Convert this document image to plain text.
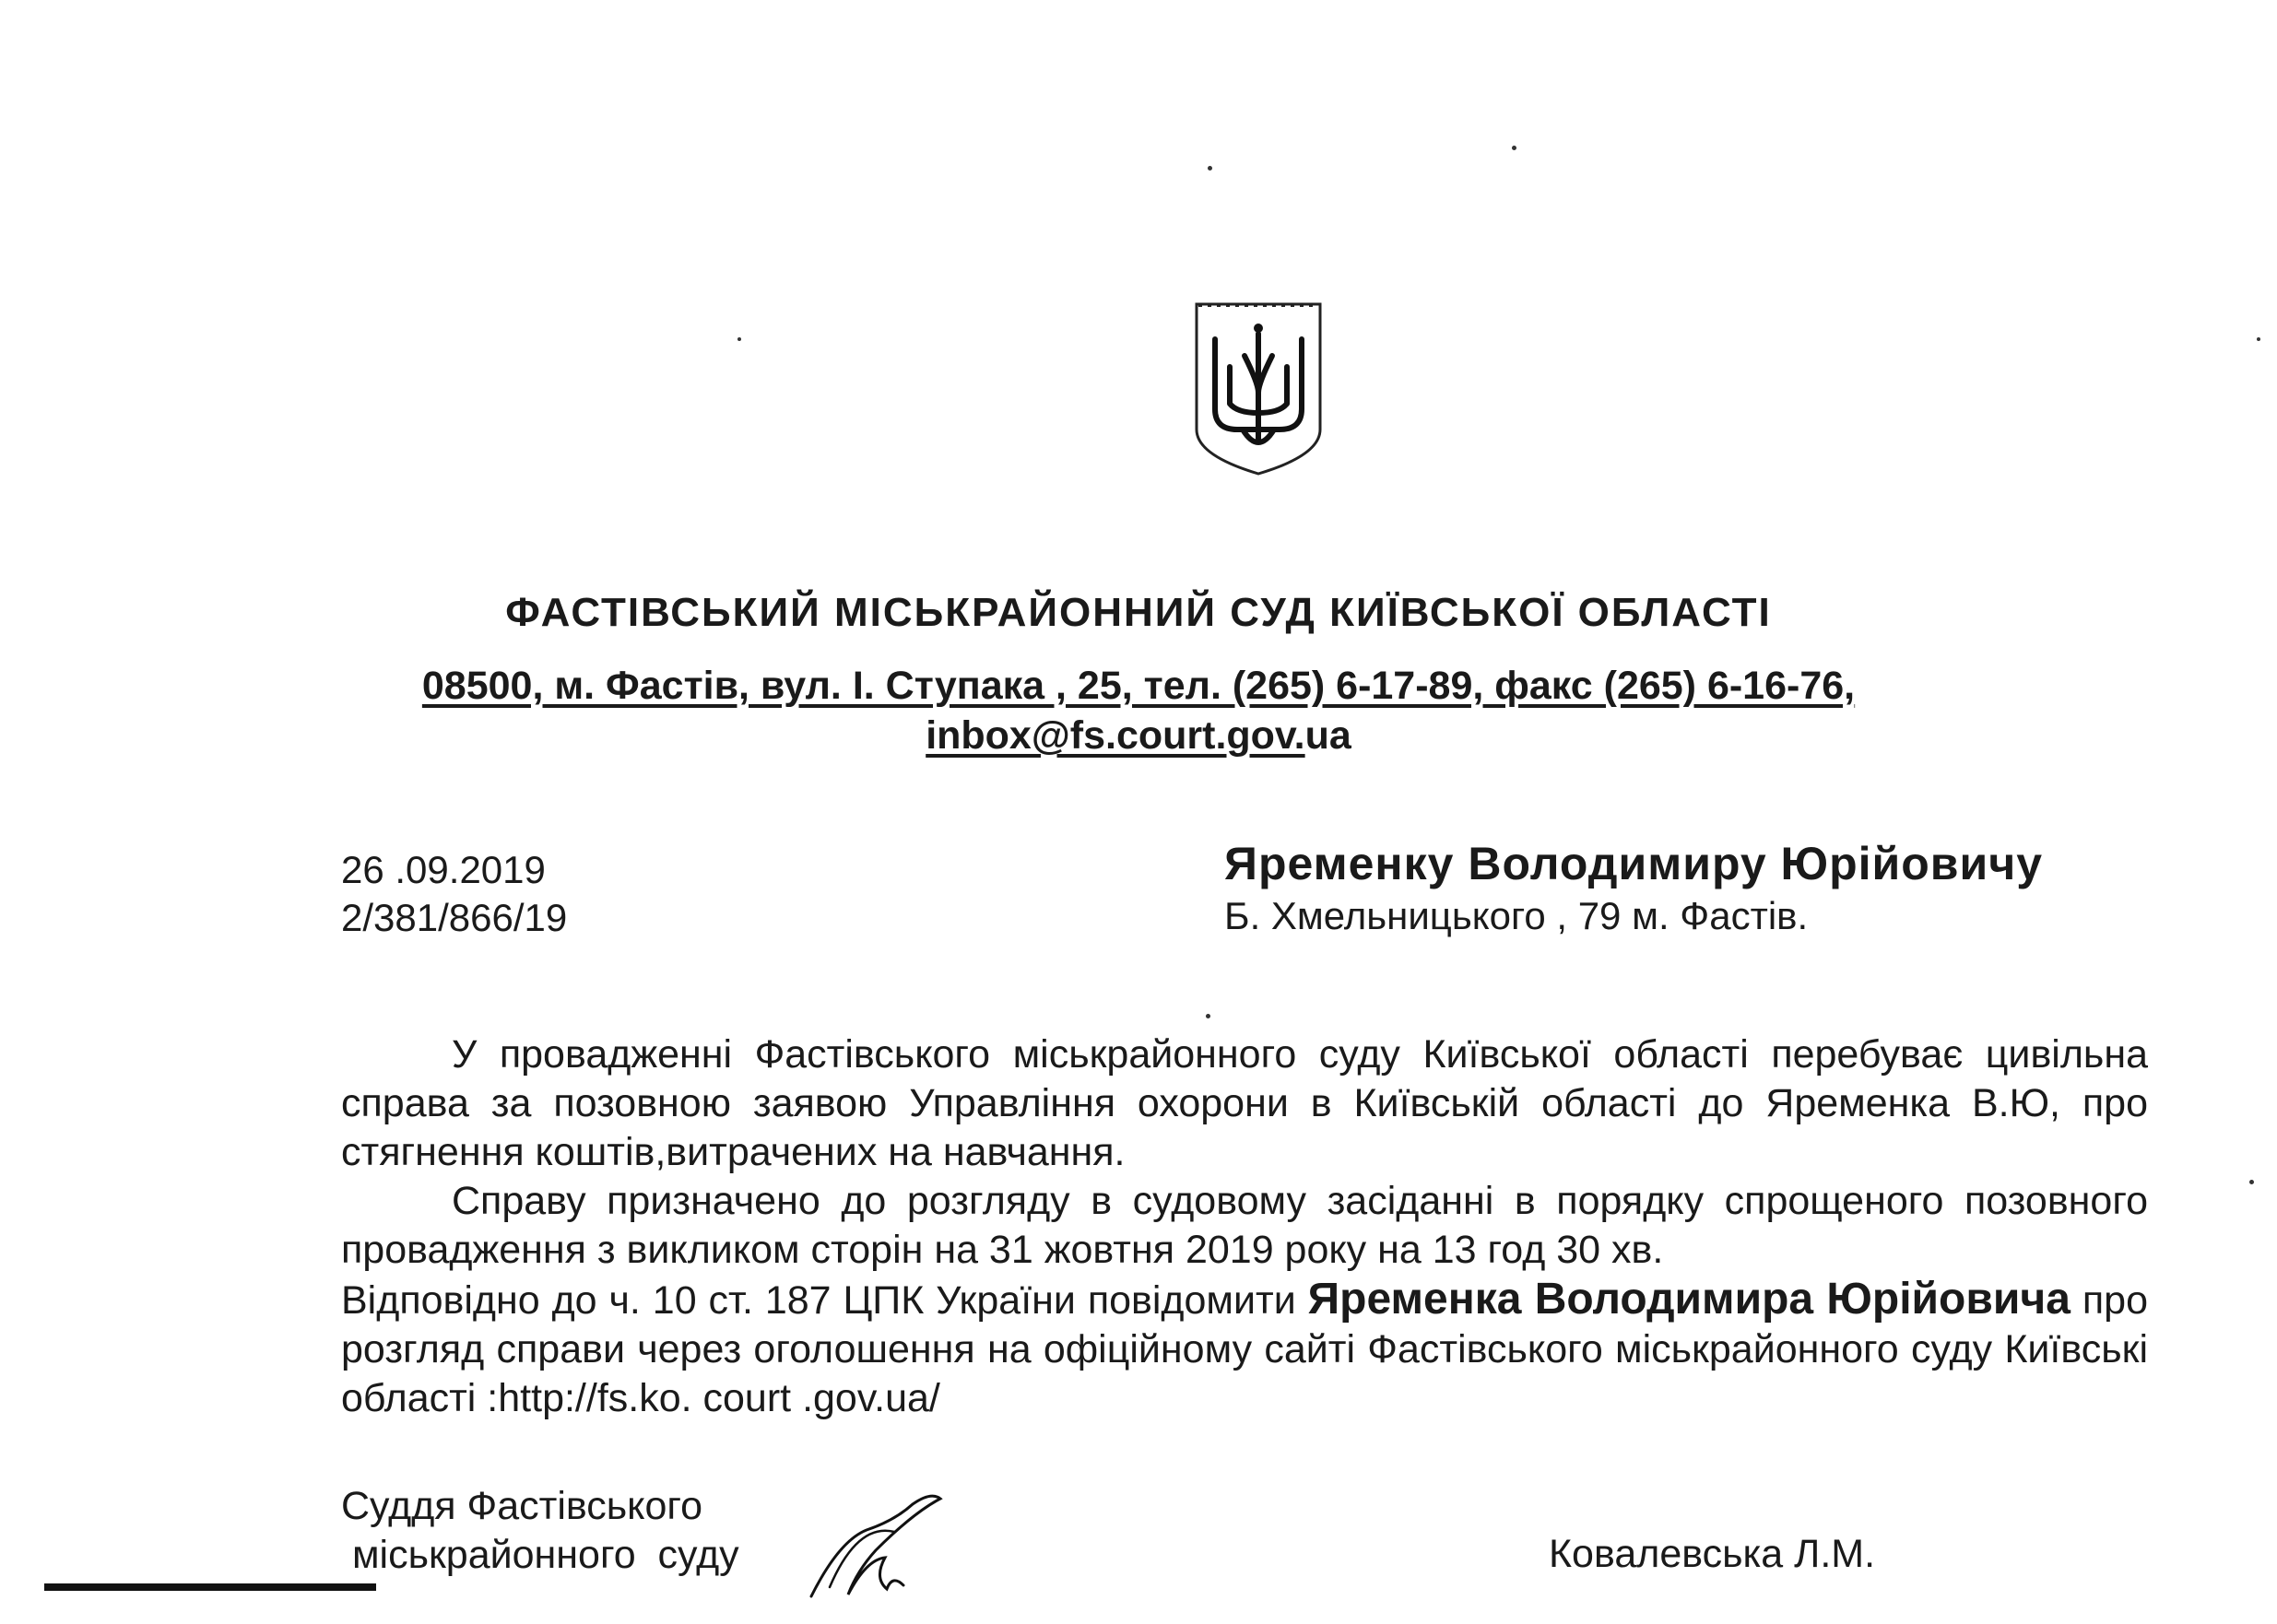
ФАСТІВСЬКИЙ МІСЬКРАЙОННИЙ СУД КИЇВСЬКОЇ ОБЛАСТІ
08500, м. Фастів, вул. І. Ступака , 25, тел. (265) 6-17-89, факс (265) 6-16-76,
inbox@fs.court.gov.ua
26 .09.2019
2/381/866/19
Яременку Володимиру Юрійовичу
Б. Хмельницького , 79 м. Фастів.

У провадженні Фастівського міськрайонного суду Київської області перебуває цивільна справа за позовною заявою Управління охорони в Київській області до Яременка В.Ю, про стягнення коштів,витрачених на навчання.

Справу призначено до розгляду в судовому засіданні в порядку спрощеного позовного провадження з викликом сторін на 31 жовтня 2019 року на 13 год 30 хв.

Відповідно до ч. 10 ст. 187 ЦПК України повідомити Яременка Володимира Юрійовича про розгляд справи через оголошення на офіційному сайті Фастівського міськрайонного суду Київські області :http://fs.ko. court .gov.ua/

Суддя Фастівського
міськрайонного  суду	Ковалевська Л.М.
